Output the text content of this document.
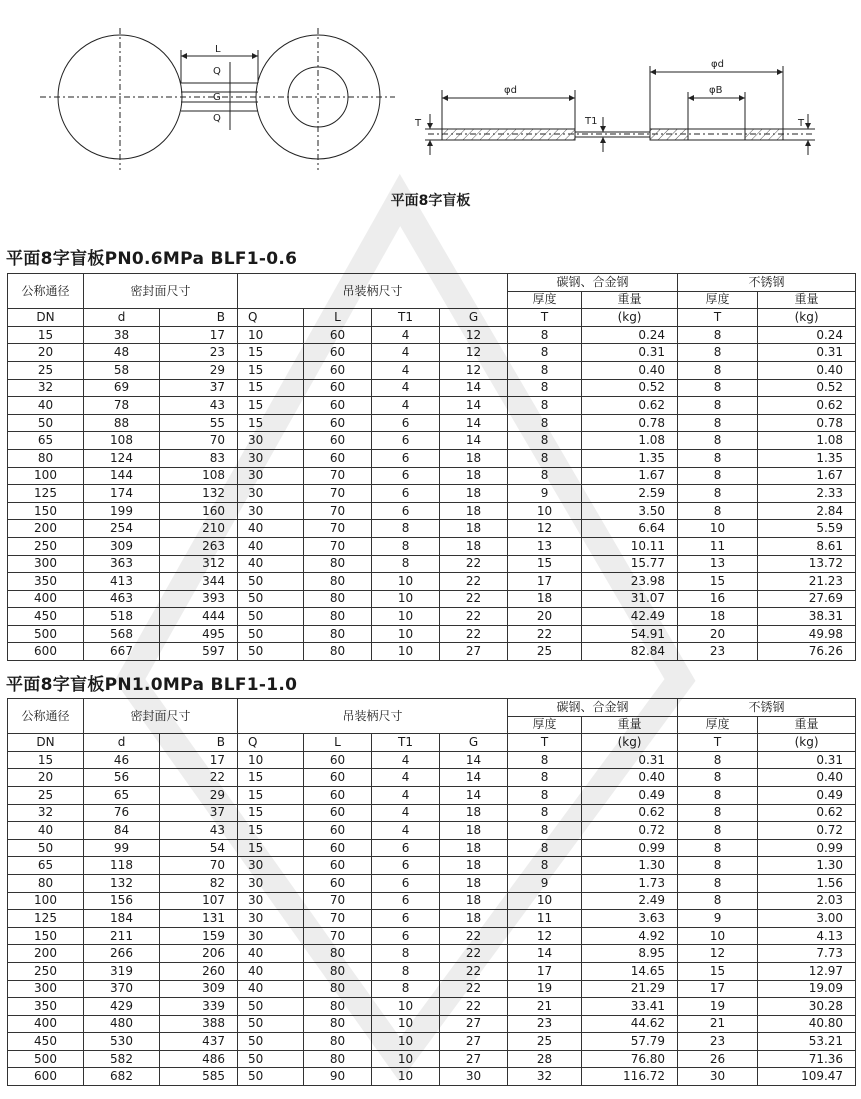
L
Q
G
Q
φd
φd
φB
T	T1	T
平面8字盲板
平面8字盲板PN0.6MPa BLF1-0.6
公称通径	密封面尺寸		吊装柄尺寸				碳钢、合金钢		不锈钢	
							厚度	重量	厚度	重量
DN	d	B	Q	L	T1	G	T	(kg)	T	(kg)
15	38	17	10	60	4	12	8	0.24	8	0.24
20	48	23	15	60	4	12	8	0.31	8	0.31
25	58	29	15	60	4	12	8	0.40	8	0.40
32	69	37	15	60	4	14	8	0.52	8	0.52
40	78	43	15	60	4	14	8	0.62	8	0.62
50	88	55	15	60	6	14	8	0.78	8	0.78
65	108	70	30	60	6	14	8	1.08	8	1.08
80	124	83	30	60	6	18	8	1.35	8	1.35
100	144	108	30	70	6	18	8	1.67	8	1.67
125	174	132	30	70	6	18	9	2.59	8	2.33
150	199	160	30	70	6	18	10	3.50	8	2.84
200	254	210	40	70	8	18	12	6.64	10	5.59
250	309	263	40	70	8	18	13	10.11	11	8.61
300	363	312	40	80	8	22	15	15.77	13	13.72
350	413	344	50	80	10	22	17	23.98	15	21.23
400	463	393	50	80	10	22	18	31.07	16	27.69
450	518	444	50	80	10	22	20	42.49	18	38.31
500	568	495	50	80	10	22	22	54.91	20	49.98
600	667	597	50	80	10	27	25	82.84	23	76.26
平面8字盲板PN1.0MPa BLF1-1.0
公称通径	密封面尺寸		吊装柄尺寸				碳钢、合金钢		不锈钢	
							厚度	重量	厚度	重量
DN	d	B	Q	L	T1	G	T	(kg)	T	(kg)
15	46	17	10	60	4	14	8	0.31	8	0.31
20	56	22	15	60	4	14	8	0.40	8	0.40
25	65	29	15	60	4	14	8	0.49	8	0.49
32	76	37	15	60	4	18	8	0.62	8	0.62
40	84	43	15	60	4	18	8	0.72	8	0.72
50	99	54	15	60	6	18	8	0.99	8	0.99
65	118	70	30	60	6	18	8	1.30	8	1.30
80	132	82	30	60	6	18	9	1.73	8	1.56
100	156	107	30	70	6	18	10	2.49	8	2.03
125	184	131	30	70	6	18	11	3.63	9	3.00
150	211	159	30	70	6	22	12	4.92	10	4.13
200	266	206	40	80	8	22	14	8.95	12	7.73
250	319	260	40	80	8	22	17	14.65	15	12.97
300	370	309	40	80	8	22	19	21.29	17	19.09
350	429	339	50	80	10	22	21	33.41	19	30.28
400	480	388	50	80	10	27	23	44.62	21	40.80
450	530	437	50	80	10	27	25	57.79	23	53.21
500	582	486	50	80	10	27	28	76.80	26	71.36
600	682	585	50	90	10	30	32	116.72	30	109.47
